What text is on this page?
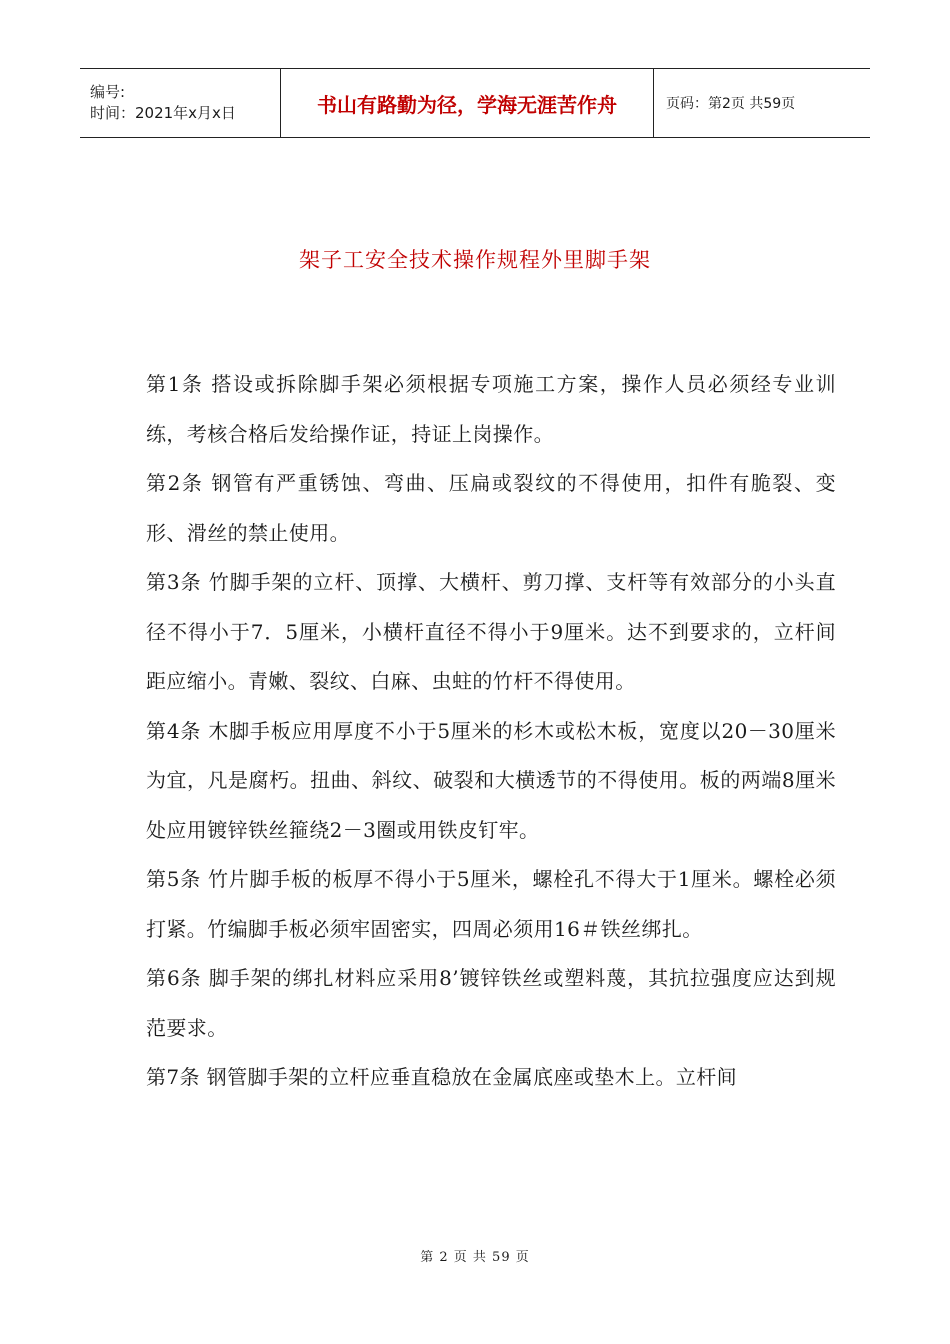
编号:
时间：2021年x月x日	书山有路勤为径，学海无涯苦作舟	页码：第2页 共59页
架子工安全技术操作规程外里脚手架

第1条 搭设或拆除脚手架必须根据专项施工方案，操作人员必须经专业训练，考核合格后发给操作证，持证上岗操作。

第2条 钢管有严重锈蚀、弯曲、压扁或裂纹的不得使用，扣件有脆裂、变形、滑丝的禁止使用。

第3条 竹脚手架的立杆、顶撑、大横杆、剪刀撑、支杆等有效部分的小头直径不得小于7．5厘米，小横杆直径不得小于9厘米。达不到要求的，立杆间距应缩小。青嫩、裂纹、白麻、虫蛀的竹杆不得使用。

第4条 木脚手板应用厚度不小于5厘米的杉木或松木板，宽度以20－30厘米为宜，凡是腐朽。扭曲、斜纹、破裂和大横透节的不得使用。板的两端8厘米处应用镀锌铁丝箍绕2－3圈或用铁皮钉牢。

第5条 竹片脚手板的板厚不得小于5厘米，螺栓孔不得大于1厘米。螺栓必须打紧。竹编脚手板必须牢固密实，四周必须用16＃铁丝绑扎。

第6条 脚手架的绑扎材料应采用8’镀锌铁丝或塑料蔑，其抗拉强度应达到规范要求。

第7条 钢管脚手架的立杆应垂直稳放在金属底座或垫木上。立杆间

第 2 页 共 59 页
